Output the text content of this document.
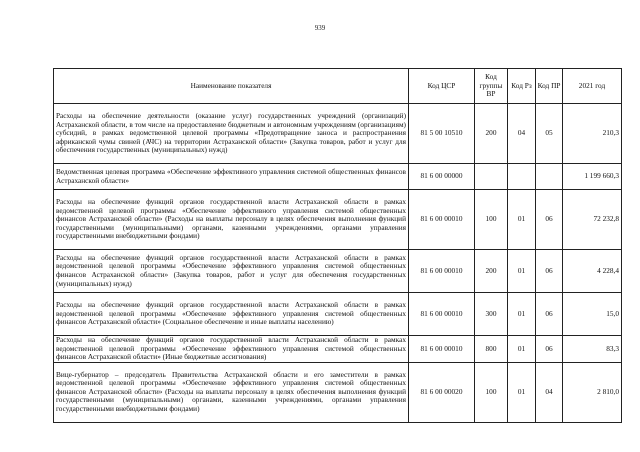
939
Наименование показателя	Код ЦСР	Код группы ВР	Код Рз	Код ПР	2021 год
Расходы на обеспечение деятельности (оказание услуг) государственных учреждений (организаций) Астраханской области, в том числе на предоставление бюджетным и автономным учреждениям (организациям) субсидий, в рамках ведомственной целевой программы «Предотвращение заноса и распространения африканской чумы свиней (АЧС) на территории Астраханской области» (Закупка товаров, работ и услуг для обеспечения государственных (муниципальных) нужд)	81 5 00 10510	200	04	05	210,3
Ведомственная целевая программа «Обеспечение эффективного управления системой общественных финансов Астраханской области»	81 6 00 00000				1 199 660,3
Расходы на обеспечение функций органов государственной власти Астраханской области в рамках ведомственной целевой программы «Обеспечение эффективного управления системой общественных финансов Астраханской области» (Расходы на выплаты персоналу в целях обеспечения выполнения функций государственными (муниципальными) органами, казенными учреждениями, органами управления государственными внебюджетными фондами)	81 6 00 00010	100	01	06	72 232,8
Расходы на обеспечение функций органов государственной власти Астраханской области в рамках ведомственной целевой программы «Обеспечение эффективного управления системой общественных финансов Астраханской области» (Закупка товаров, работ и услуг для обеспечения государственных (муниципальных) нужд)	81 6 00 00010	200	01	06	4 228,4
Расходы на обеспечение функций органов государственной власти Астраханской области в рамках ведомственной целевой программы «Обеспечение эффективного управления системой общественных финансов Астраханской области» (Социальное обеспечение и иные выплаты населению)	81 6 00 00010	300	01	06	15,0
Расходы на обеспечение функций органов государственной власти Астраханской области в рамках ведомственной целевой программы «Обеспечение эффективного управления системой общественных финансов Астраханской области» (Иные бюджетные ассигнования)	81 6 00 00010	800	01	06	83,3
Вице-губернатор – председатель Правительства Астраханской области и его заместители в рамках ведомственной целевой программы «Обеспечение эффективного управления системой общественных финансов Астраханской области» (Расходы на выплаты персоналу в целях обеспечения выполнения функций государственными (муниципальными) органами, казенными учреждениями, органами управления государственными внебюджетными фондами)	81 6 00 00020	100	01	04	2 810,0
